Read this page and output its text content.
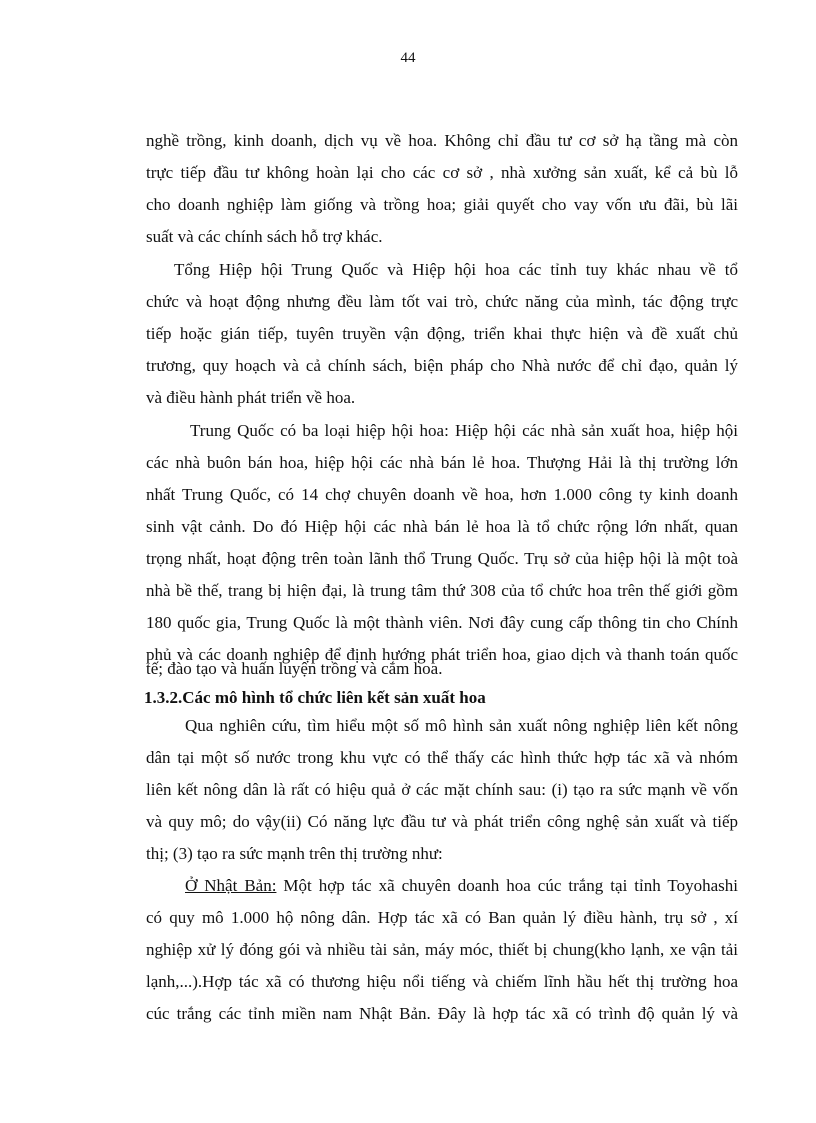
44
nghề trồng, kinh doanh, dịch vụ về hoa. Không chỉ đầu tư cơ sở hạ tầng mà còn
trực tiếp đầu tư không hoàn lại cho các cơ sở , nhà xưởng sản xuất, kể cả bù lỗ
cho doanh nghiệp làm giống và trồng hoa; giải quyết cho vay vốn ưu đãi, bù lãi
suất và các chính sách hỗ trợ khác.
Tổng Hiệp hội Trung Quốc và Hiệp hội hoa các tỉnh tuy khác nhau về tổ
chức và hoạt động nhưng đều làm tốt vai trò, chức năng của mình, tác động trực
tiếp hoặc gián tiếp, tuyên truyền vận động, triển khai thực hiện và đề xuất chủ
trương, quy hoạch và cả chính sách, biện pháp cho Nhà nước để chỉ đạo, quản lý
và điều hành phát triển về hoa.
Trung Quốc có ba loại hiệp hội hoa: Hiệp hội các nhà sản xuất hoa, hiệp hội
các nhà buôn bán hoa, hiệp hội các nhà bán lẻ hoa. Thượng Hải là thị trường lớn
nhất Trung Quốc, có 14 chợ chuyên doanh về hoa, hơn 1.000 công ty kinh doanh
sinh vật cảnh. Do đó Hiệp hội các nhà bán lẻ hoa là tổ chức rộng lớn nhất, quan
trọng nhất, hoạt động trên toàn lãnh thổ Trung Quốc. Trụ sở của hiệp hội là một toà
nhà bề thế, trang bị hiện đại, là trung tâm thứ 308 của tổ chức hoa trên thế giới gồm
180 quốc gia, Trung Quốc là một thành viên. Nơi đây cung cấp thông tin cho Chính
phủ và các doanh nghiệp để định hướng phát triển hoa, giao dịch và thanh toán quốc
tế; đào tạo và huấn luyện trồng và cắm hoa.
1.3.2.Các mô hình tổ chức liên kết sản xuất hoa
Qua nghiên cứu, tìm hiểu một số mô hình sản xuất nông nghiệp liên kết nông
dân tại một số nước trong khu vực có thể thấy các hình thức hợp tác xã và nhóm
liên kết nông dân là rất có hiệu quả ở các mặt chính sau: (i) tạo ra sức mạnh về vốn
và quy mô; do vậy(ii) Có năng lực đầu tư và phát triển công nghệ sản xuất và tiếp
thị; (3) tạo ra sức mạnh trên thị trường như:
Ở Nhật Bản: Một hợp tác xã chuyên doanh hoa cúc trắng tại tỉnh Toyohashi
có quy mô 1.000 hộ nông dân. Hợp tác xã có Ban quản lý điều hành, trụ sở , xí
nghiệp xử lý đóng gói và nhiều tài sản, máy móc, thiết bị chung(kho lạnh, xe vận tải
lạnh,...).Hợp tác xã có thương hiệu nổi tiếng và chiếm lĩnh hầu hết thị trường hoa
cúc trắng các tỉnh miền nam Nhật Bản. Đây là hợp tác xã có trình độ quản lý và
